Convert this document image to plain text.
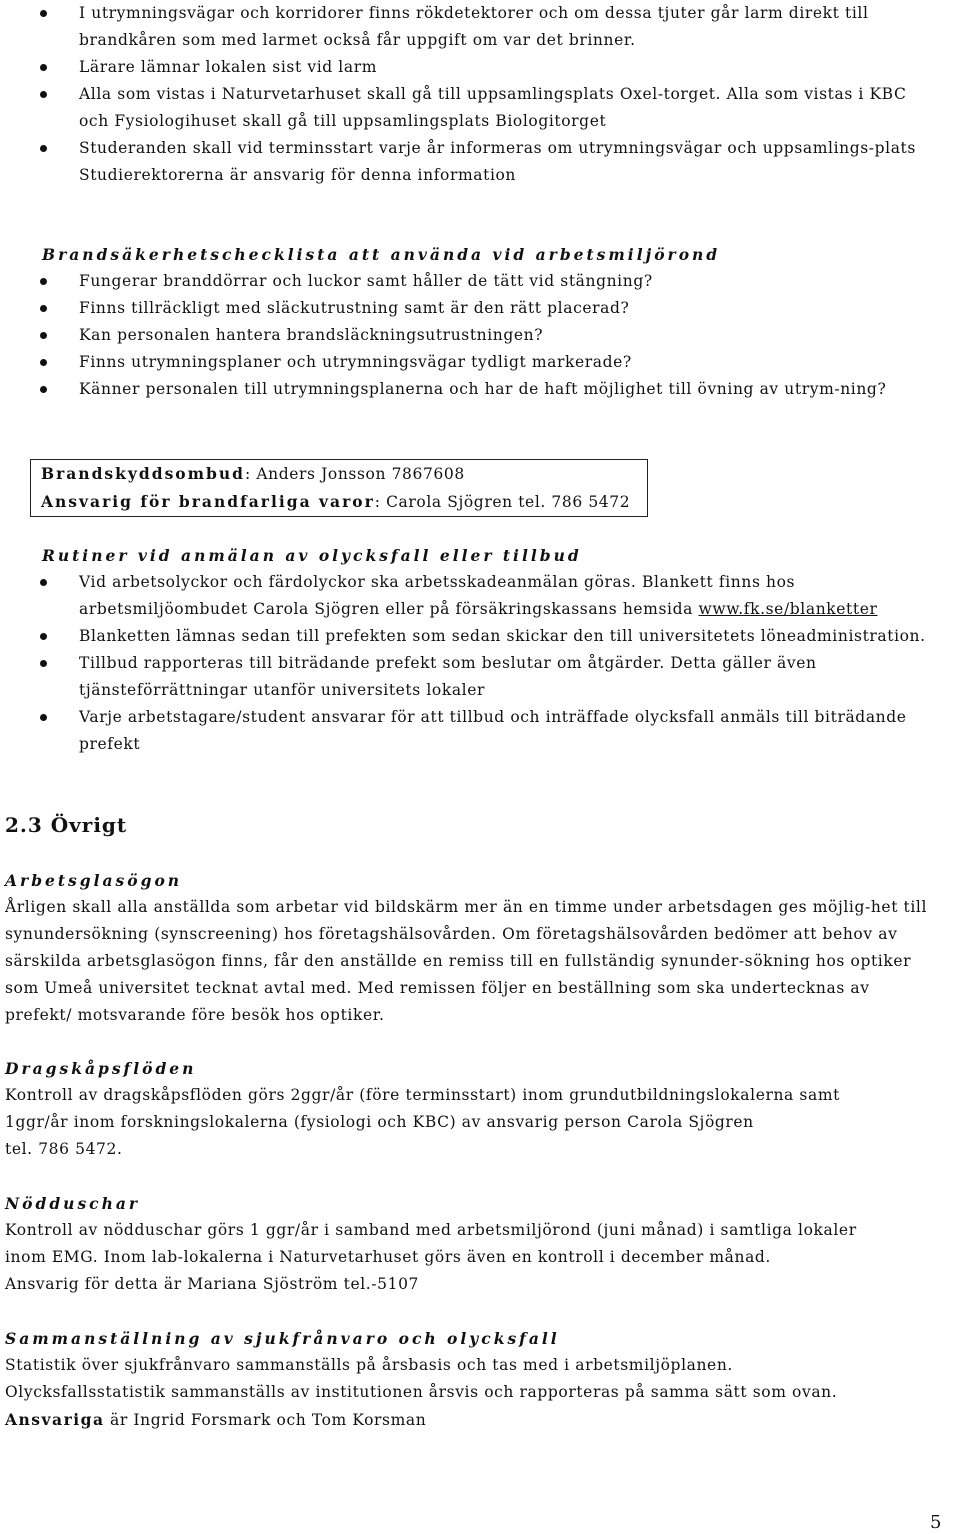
I utrymningsvägar och korridorer finns rökdetektorer och om dessa tjuter går larm direkt till brandkåren som med larmet också får uppgift om var det brinner.
Lärare lämnar lokalen sist vid larm
Alla som vistas i Naturvetarhuset skall gå till uppsamlingsplats Oxel-torget. Alla som vistas i KBC och Fysiologihuset skall gå till uppsamlingsplats Biologitorget
Studeranden skall vid terminsstart varje år informeras om utrymningsvägar och uppsamlings-plats
Studierektorerna är ansvarig för denna information
Brandsäkerhetschecklista att använda vid arbetsmiljörond
Fungerar branddörrar och luckor samt håller de tätt vid stängning?
Finns tillräckligt med släckutrustning samt är den rätt placerad?
Kan personalen hantera brandsläckningsutrustningen?
Finns utrymningsplaner och utrymningsvägar tydligt markerade?
Känner personalen till utrymningsplanerna och har de haft möjlighet till övning av utrym-ning?
Brandskyddsombud: Anders Jonsson 7867608
Ansvarig för brandfarliga varor: Carola Sjögren tel. 786 5472
Rutiner vid anmälan av olycksfall eller tillbud
Vid arbetsolyckor och färdolyckor ska arbetsskadeanmälan göras. Blankett finns hos arbetsmiljöombudet Carola Sjögren eller på försäkringskassans hemsida www.fk.se/blanketter
Blanketten lämnas sedan till prefekten som sedan skickar den till universitetets löneadministration.
Tillbud rapporteras till biträdande prefekt som beslutar om åtgärder. Detta gäller även tjänsteförrättningar utanför universitets lokaler
Varje arbetstagare/student ansvarar för att tillbud och inträffade olycksfall anmäls till biträdande prefekt
2.3 Övrigt
Arbetsglasögon
Årligen skall alla anställda som arbetar vid bildskärm mer än en timme under arbetsdagen ges möjlig-het till synundersökning (synscreening) hos företagshälsovården. Om företagshälsovården bedömer att behov av särskilda arbetsglasögon finns, får den anställde en remiss till en fullständig synunder-sökning hos optiker som Umeå universitet tecknat avtal med. Med remissen följer en beställning som ska undertecknas av prefekt/ motsvarande före besök hos optiker.
Dragskåpsflöden
Kontroll av dragskåpsflöden görs 2ggr/år (före terminsstart) inom grundutbildningslokalerna samt
1ggr/år inom forskningslokalerna (fysiologi och KBC) av ansvarig person Carola Sjögren
tel. 786 5472.
Nödduschar
Kontroll av nödduschar görs 1 ggr/år i samband med arbetsmiljörond (juni månad) i samtliga lokaler
inom EMG. Inom lab-lokalerna i Naturvetarhuset görs även en kontroll i december månad.
Ansvarig för detta är Mariana Sjöström tel.-5107
Sammanställning av sjukfrånvaro och olycksfall
Statistik över sjukfrånvaro sammanställs på årsbasis och tas med i arbetsmiljöplanen.
Olycksfallsstatistik sammanställs av institutionen årsvis och rapporteras på samma sätt som ovan.
Ansvariga är Ingrid Forsmark och Tom Korsman
5
